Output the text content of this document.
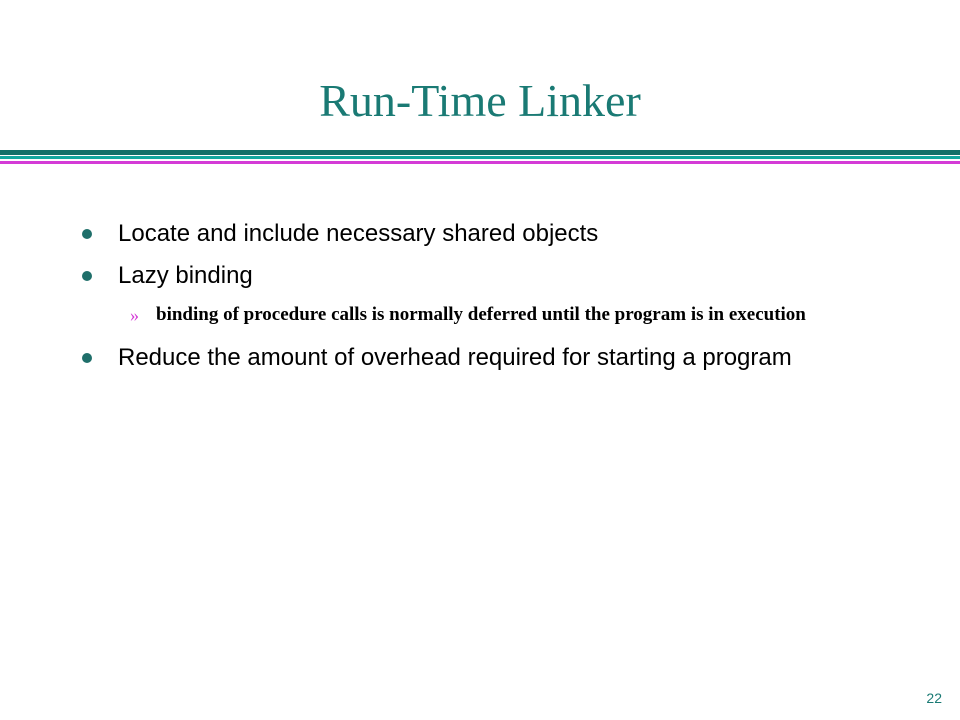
Run-Time Linker
Locate and include necessary shared objects
Lazy binding
» binding of procedure calls is normally deferred until the program is in execution
Reduce the amount of overhead required for starting a program
22
